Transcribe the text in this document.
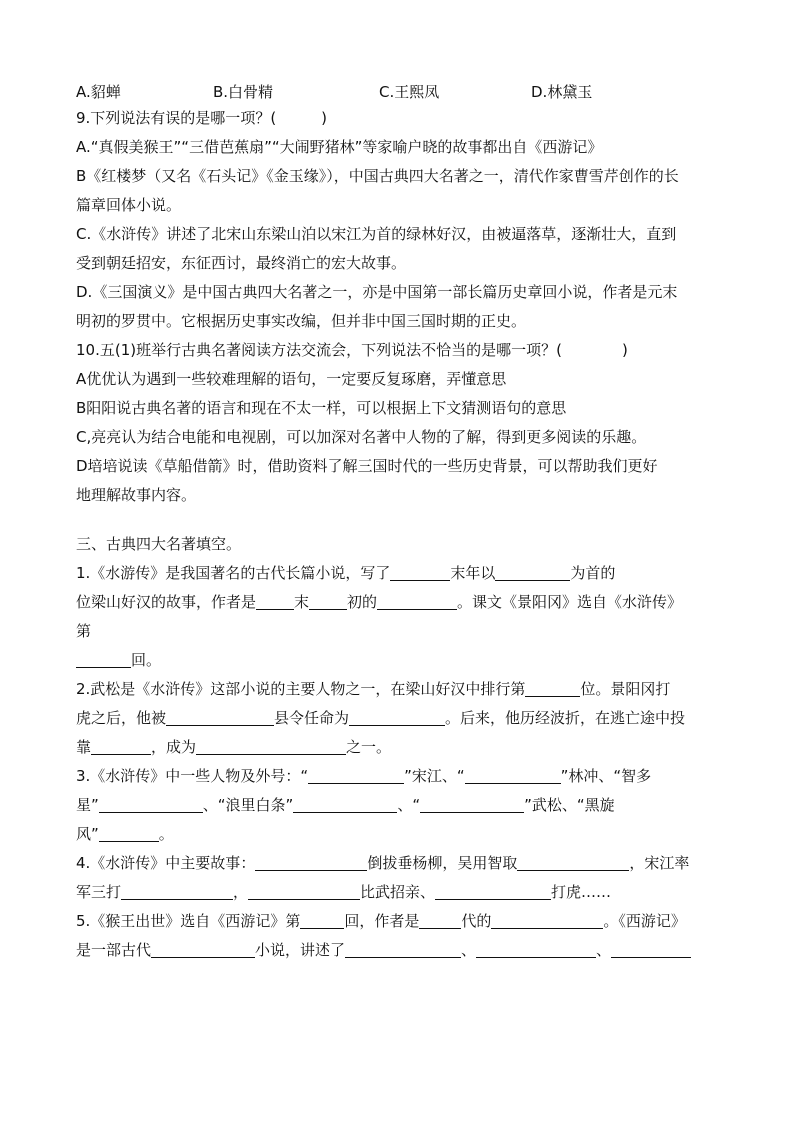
A.貂蝉	B.白骨精	C.王熙凤	D.林黛玉
9.下列说法有误的是哪一项？(　　　)
A.“真假美猴王”“三借芭蕉扇”“大闹野猪林”等家喻户晓的故事都出自《西游记》
B《红楼梦（又名《石头记》《金玉缘》），中国古典四大名著之一，清代作家曹雪芹创作的长
篇章回体小说。
C.《水浒传》讲述了北宋山东梁山泊以宋江为首的绿林好汉，由被逼落草，逐渐壮大，直到
受到朝廷招安，东征西讨，最终消亡的宏大故事。
D.《三国演义》是中国古典四大名著之一，亦是中国第一部长篇历史章回小说，作者是元末
明初的罗贯中。它根据历史事实改编，但并非中国三国时期的正史。
10.五(1)班举行古典名著阅读方法交流会，下列说法不恰当的是哪一项？(　　　　)
A优优认为遇到一些较难理解的语句，一定要反复琢磨，弄懂意思
B阳阳说古典名著的语言和现在不太一样，可以根据上下文猜测语句的意思
C,亮亮认为结合电能和电视剧，可以加深对名著中人物的了解，得到更多阅读的乐趣。
D培培说读《草船借箭》时，借助资料了解三国时代的一些历史背景，可以帮助我们更好
地理解故事内容。
三、古典四大名著填空。
1.《水游传》是我国著名的古代长篇小说，写了	末年以	为首的
位梁山好汉的故事，作者是	末	初的	。课文《景阳冈》选自《水浒传》
第
回。
2.武松是《水浒传》这部小说的主要人物之一，在梁山好汉中排行第	位。景阳冈打
虎之后，他被	县令任命为	。后来，他历经波折，在逃亡途中投
靠	，成为	之一。
3.《水浒传》中一些人物及外号：“	”宋江、“	”林冲、“智多
星”	、“浪里白条”	、“	”武松、“黑旋
风”	。
4.《水浒传》中主要故事：	倒拔垂杨柳，吴用智取	，宋江率
军三打	，	比武招亲、	打虎……
5.《猴王出世》选自《西游记》第	回，作者是	代的	。《西游记》
是一部古代	小说，讲述了	、	、
